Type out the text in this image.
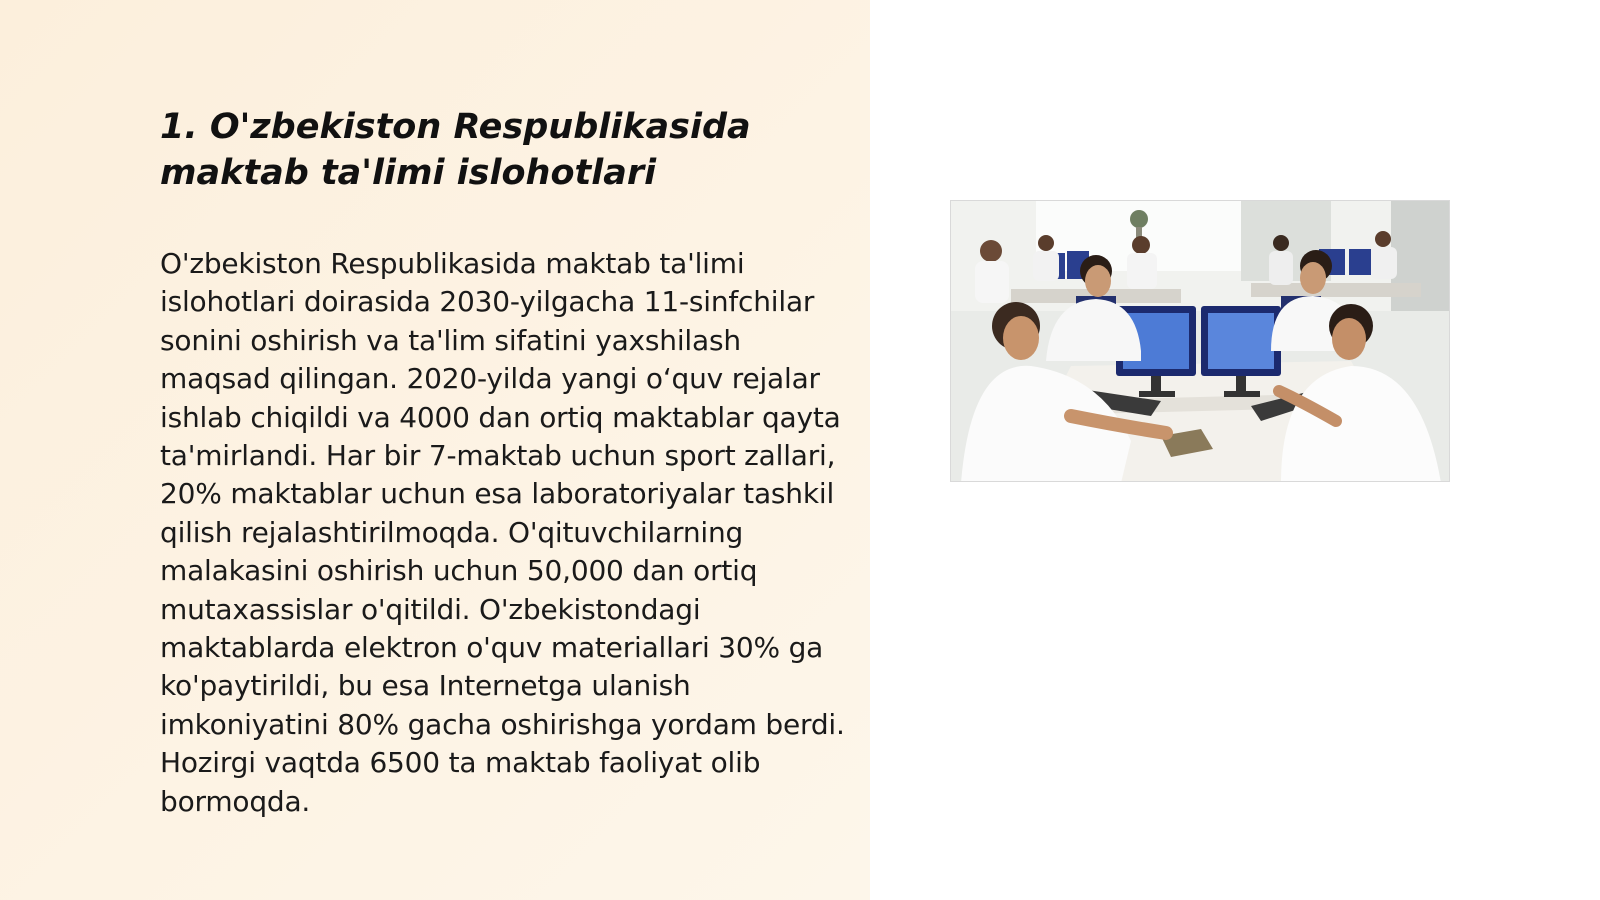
1. O'zbekiston Respublikasida maktab ta'limi islohotlari

O'zbekiston Respublikasida maktab ta'limi islohotlari doirasida 2030-yilgacha 11-sinfchilar sonini oshirish va ta'lim sifatini yaxshilash maqsad qilingan. 2020-yilda yangi o‘quv rejalar ishlab chiqildi va 4000 dan ortiq maktablar qayta ta'mirlandi. Har bir 7-maktab uchun sport zallari, 20% maktablar uchun esa laboratoriyalar tashkil qilish rejalashtirilmoqda. O'qituvchilarning malakasini oshirish uchun 50,000 dan ortiq mutaxassislar o'qitildi. O'zbekistondagi maktablarda elektron o'quv materiallari 30% ga ko'paytirildi, bu esa Internetga ulanish imkoniyatini 80% gacha oshirishga yordam berdi. Hozirgi vaqtda 6500 ta maktab faoliyat olib bormoqda.
